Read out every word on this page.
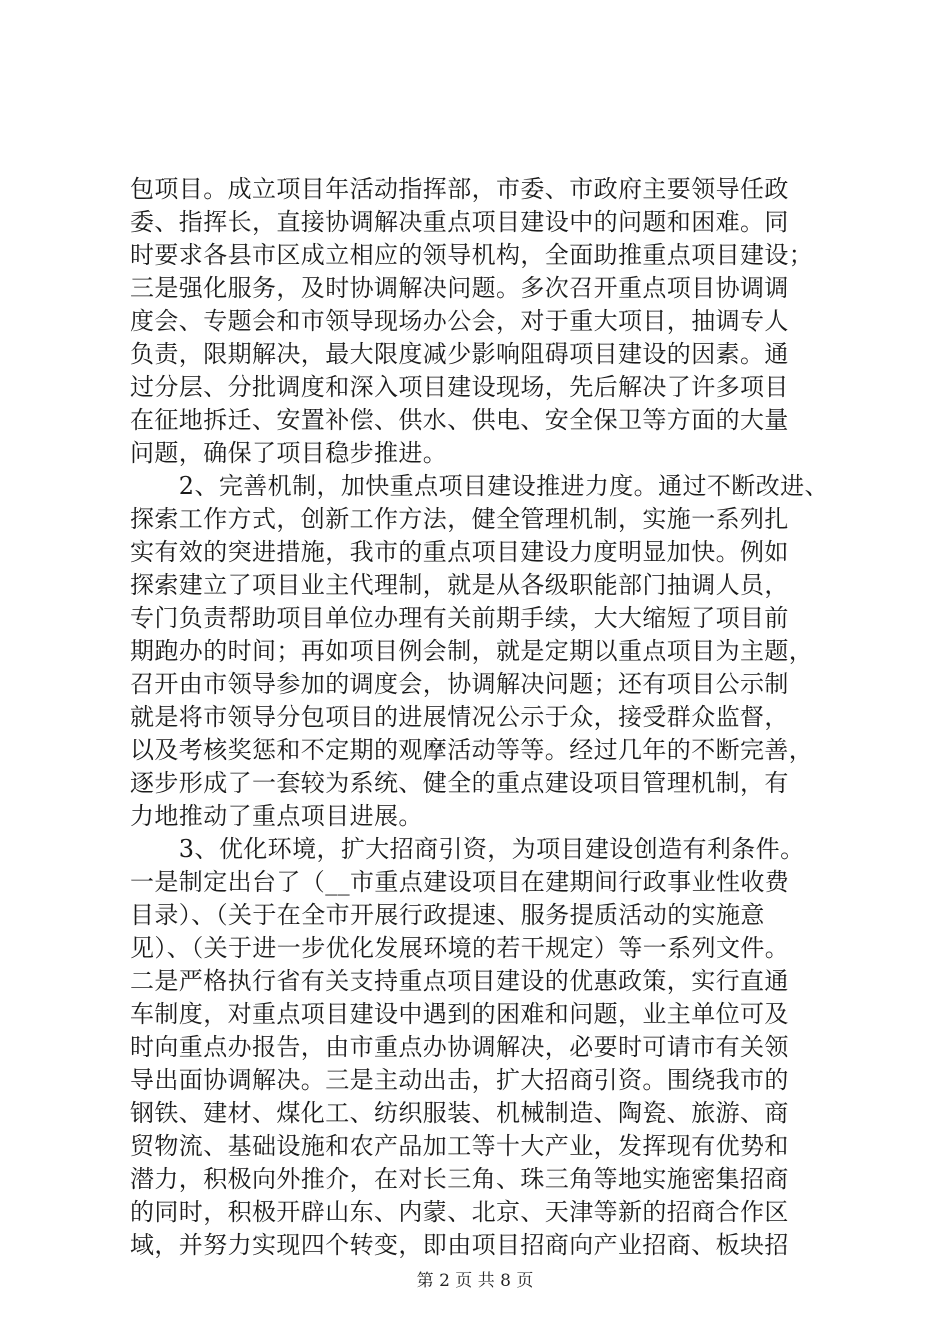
包项目。成立项目年活动指挥部，市委、市政府主要领导任政
委、指挥长，直接协调解决重点项目建设中的问题和困难。同
时要求各县市区成立相应的领导机构，全面助推重点项目建设；
三是强化服务，及时协调解决问题。多次召开重点项目协调调
度会、专题会和市领导现场办公会，对于重大项目，抽调专人
负责，限期解决，最大限度减少影响阻碍项目建设的因素。通
过分层、分批调度和深入项目建设现场，先后解决了许多项目
在征地拆迁、安置补偿、供水、供电、安全保卫等方面的大量
问题，确保了项目稳步推进。
　　2、完善机制，加快重点项目建设推进力度。通过不断改进、
探索工作方式，创新工作方法，健全管理机制，实施一系列扎
实有效的突进措施，我市的重点项目建设力度明显加快。例如
探索建立了项目业主代理制，就是从各级职能部门抽调人员，
专门负责帮助项目单位办理有关前期手续，大大缩短了项目前
期跑办的时间；再如项目例会制，就是定期以重点项目为主题，
召开由市领导参加的调度会，协调解决问题；还有项目公示制
就是将市领导分包项目的进展情况公示于众，接受群众监督，
以及考核奖惩和不定期的观摩活动等等。经过几年的不断完善，
逐步形成了一套较为系统、健全的重点建设项目管理机制，有
力地推动了重点项目进展。
　　3、优化环境，扩大招商引资，为项目建设创造有利条件。
一是制定出台了（__市重点建设项目在建期间行政事业性收费
目录）、（关于在全市开展行政提速、服务提质活动的实施意
见）、（关于进一步优化发展环境的若干规定）等一系列文件。
二是严格执行省有关支持重点项目建设的优惠政策，实行直通
车制度，对重点项目建设中遇到的困难和问题，业主单位可及
时向重点办报告，由市重点办协调解决，必要时可请市有关领
导出面协调解决。三是主动出击，扩大招商引资。围绕我市的
钢铁、建材、煤化工、纺织服装、机械制造、陶瓷、旅游、商
贸物流、基础设施和农产品加工等十大产业，发挥现有优势和
潜力，积极向外推介，在对长三角、珠三角等地实施密集招商
的同时，积极开辟山东、内蒙、北京、天津等新的招商合作区
域，并努力实现四个转变，即由项目招商向产业招商、板块招
第 2 页 共 8 页
